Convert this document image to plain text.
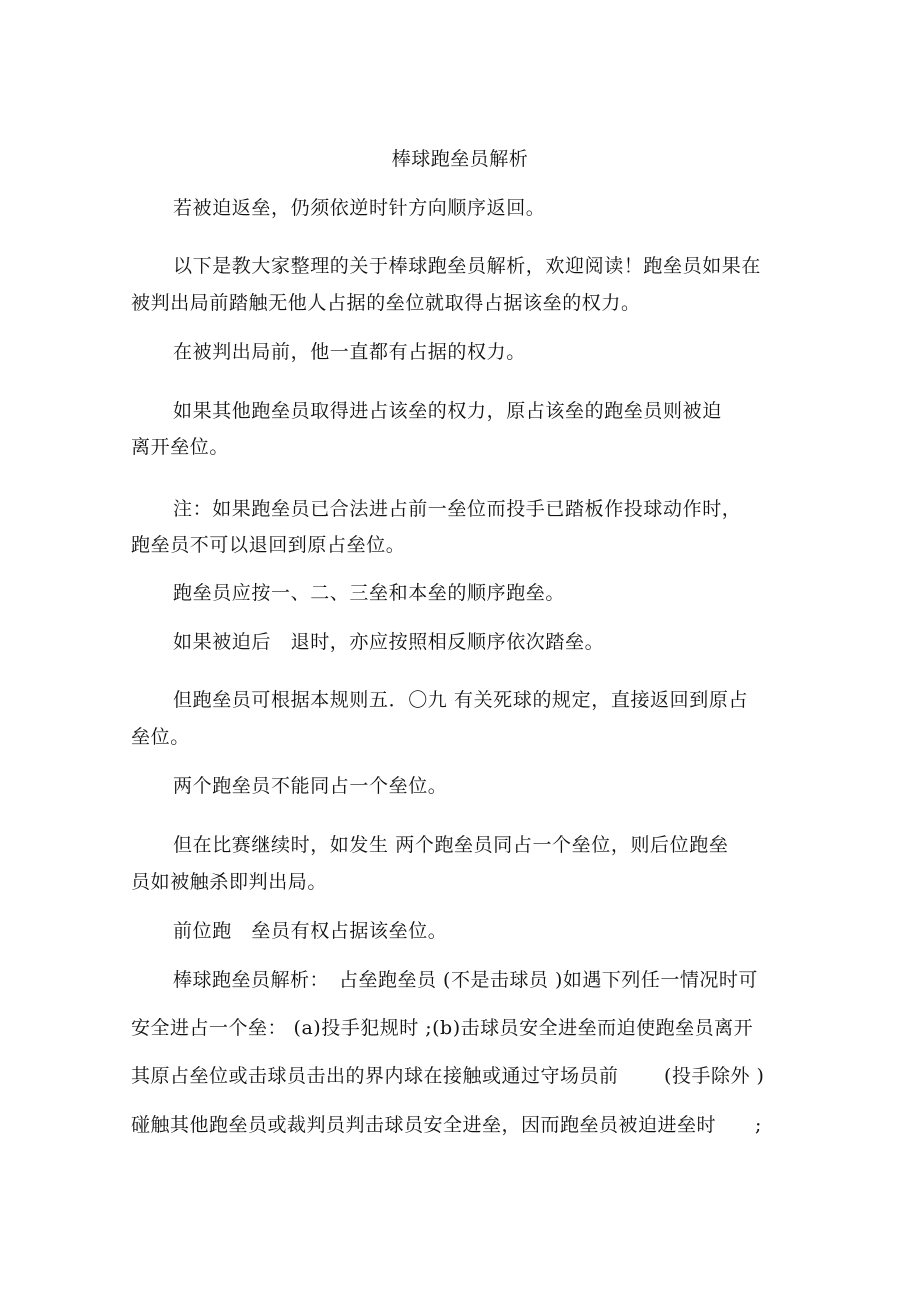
棒球跑垒员解析
若被迫返垒，仍须依逆时针方向顺序返回。
以下是教大家整理的关于棒球跑垒员解析，欢迎阅读！跑垒员如果在
被判出局前踏触无他人占据的垒位就取得占据该垒的权力。
在被判出局前，他一直都有占据的权力。
如果其他跑垒员取得进占该垒的权力，原占该垒的跑垒员则被迫
离开垒位。
注：如果跑垒员已合法进占前一垒位而投手已踏板作投球动作时，
跑垒员不可以退回到原占垒位。
跑垒员应按一、二、三垒和本垒的顺序跑垒。
如果被迫后　退时，亦应按照相反顺序依次踏垒。
但跑垒员可根据本规则五．〇九 有关死球的规定，直接返回到原占
垒位。
两个跑垒员不能同占一个垒位。
但在比赛继续时，如发生 两个跑垒员同占一个垒位，则后位跑垒
员如被触杀即判出局。
前位跑　垒员有权占据该垒位。
棒球跑垒员解析：　占垒跑垒员 (不是击球员 )如遇下列任一情况时可
安全进占一个垒： (a)投手犯规时 ;(b)击球员安全进垒而迫使跑垒员离开
其原占垒位或击球员击出的界内球在接触或通过守场员前　　 (投手除外 )
碰触其他跑垒员或裁判员判击球员安全进垒，因而跑垒员被迫进垒时　　;
